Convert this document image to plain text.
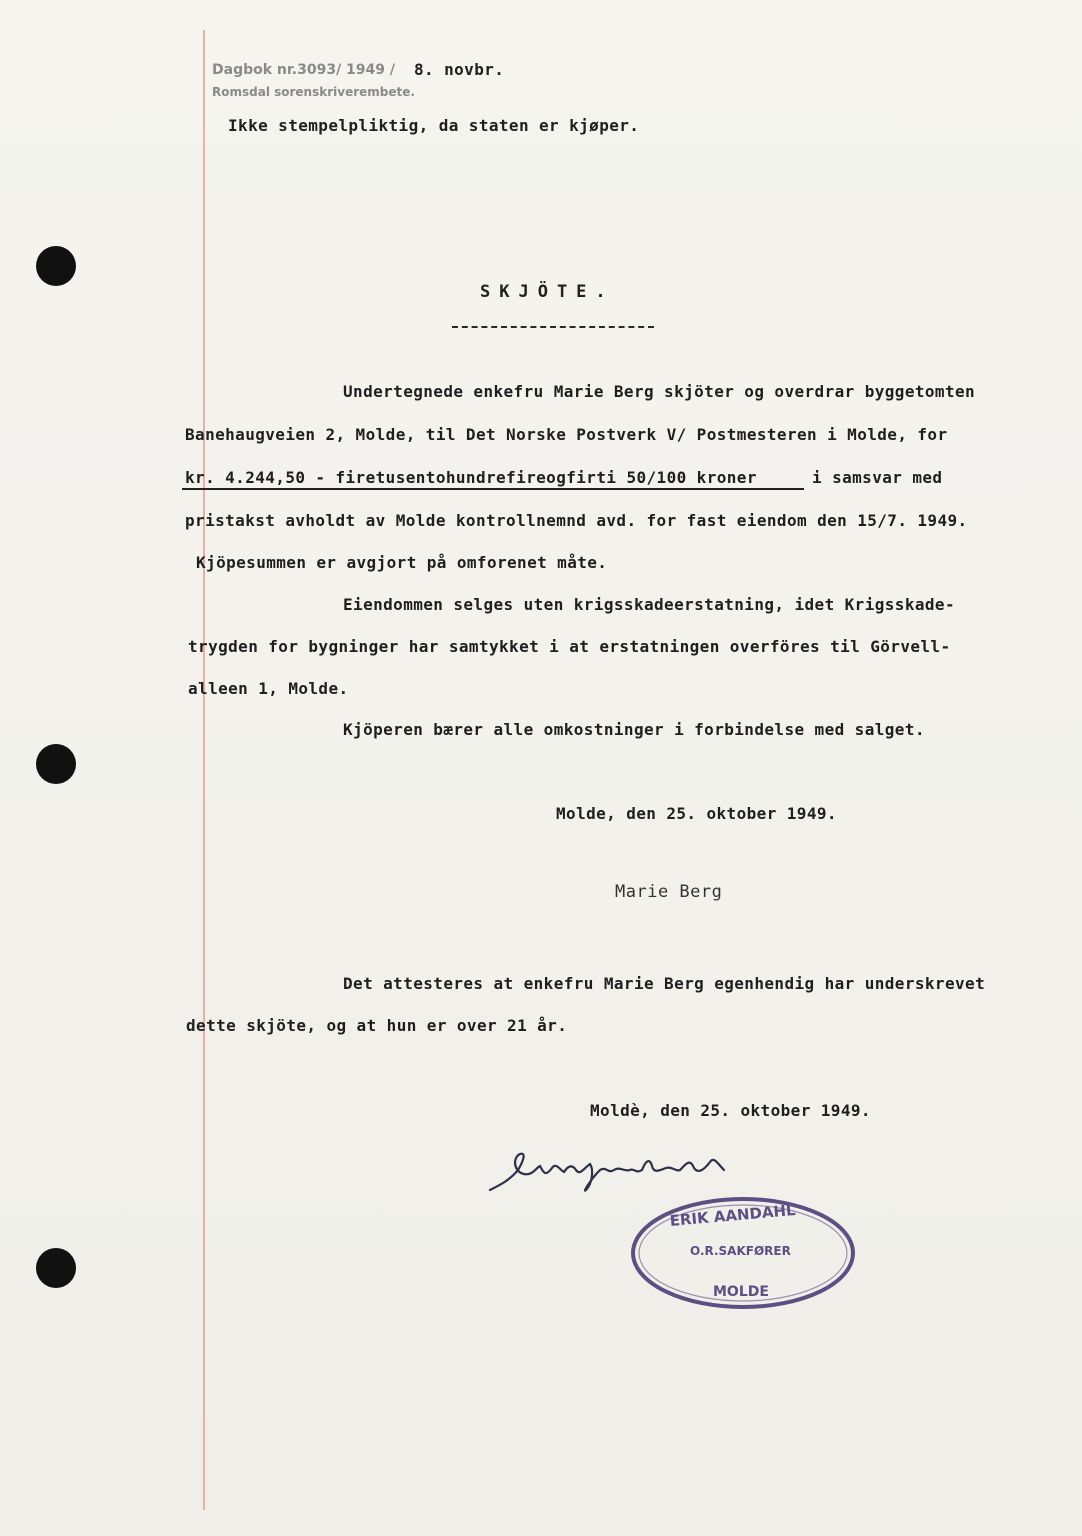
Dagbok nr.3093/ 1949 / 8. novbr.
Romsdal sorenskriverembete.
Ikke stempelpliktig, da staten er kjøper.
SKJÖTE.
Undertegnede enkefru Marie Berg skjöter og overdrar byggetomten
Banehaugveien 2, Molde, til Det Norske Postverk V/ Postmesteren i Molde, for
kr. 4.244,50 - firetusentohundrefireogfirti 50/100 kroner	i samsvar med
pristakst avholdt av Molde kontrollnemnd avd. for fast eiendom den 15/7. 1949.
Kjöpesummen er avgjort på omforenet måte.
Eiendommen selges uten krigsskadeerstatning, idet Krigsskade-
trygden for bygninger har samtykket i at erstatningen overföres til Görvell-
alleen 1, Molde.
Kjöperen bærer alle omkostninger i forbindelse med salget.
Molde, den 25. oktober 1949.
Marie Berg
Det attesteres at enkefru Marie Berg egenhendig har underskrevet
dette skjöte, og at hun er over 21 år.
Moldè, den 25. oktober 1949.
ERIK AANDAHL
O.R.SAKFØRER
MOLDE
